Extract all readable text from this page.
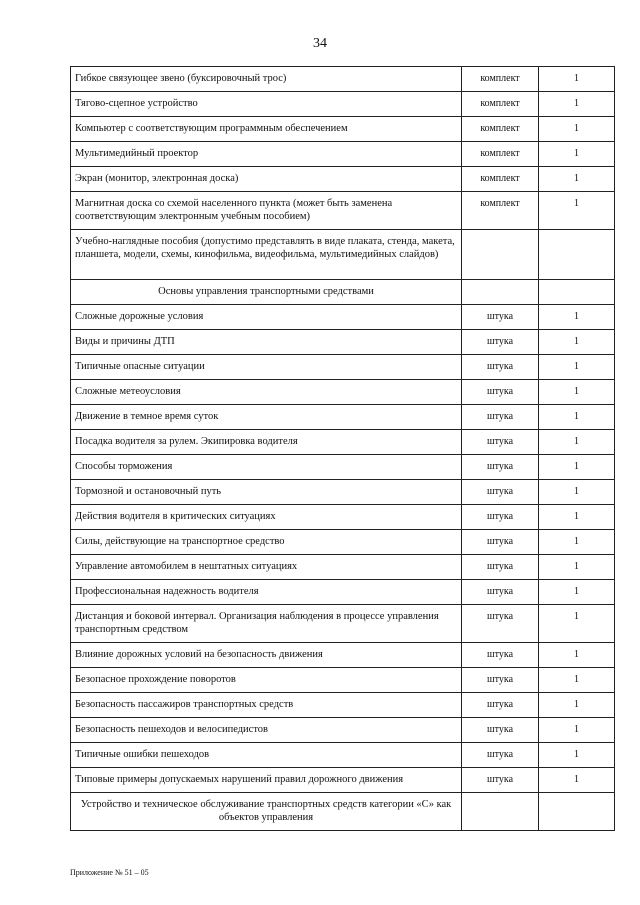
34
Гибкое связующее звено (буксировочный трос)	комплект	1
Тягово-сцепное устройство	комплект	1
Компьютер с соответствующим программным обеспечением	комплект	1
Мультимедийный проектор	комплект	1
Экран (монитор, электронная доска)	комплект	1
Магнитная доска со схемой населенного пункта (может быть заменена соответствующим электронным учебным пособием)	комплект	1
Учебно-наглядные пособия (допустимо представлять в виде плаката, стенда, макета, планшета, модели, схемы, кинофильма, видеофильма, мультимедийных слайдов)		
Основы управления транспортными средствами		
Сложные дорожные условия	штука	1
Виды и причины ДТП	штука	1
Типичные опасные ситуации	штука	1
Сложные метеоусловия	штука	1
Движение в темное время суток	штука	1
Посадка водителя за рулем. Экипировка водителя	штука	1
Способы торможения	штука	1
Тормозной и остановочный путь	штука	1
Действия водителя в критических ситуациях	штука	1
Силы, действующие на транспортное средство	штука	1
Управление автомобилем в нештатных ситуациях	штука	1
Профессиональная надежность водителя	штука	1
Дистанция и боковой интервал. Организация наблюдения в процессе управления транспортным средством	штука	1
Влияние дорожных условий на безопасность движения	штука	1
Безопасное прохождение поворотов	штука	1
Безопасность пассажиров транспортных средств	штука	1
Безопасность пешеходов и велосипедистов	штука	1
Типичные ошибки пешеходов	штука	1
Типовые примеры допускаемых нарушений правил дорожного движения	штука	1
Устройство и техническое обслуживание транспортных средств категории «С» как объектов управления		
Приложение № 51 – 05
